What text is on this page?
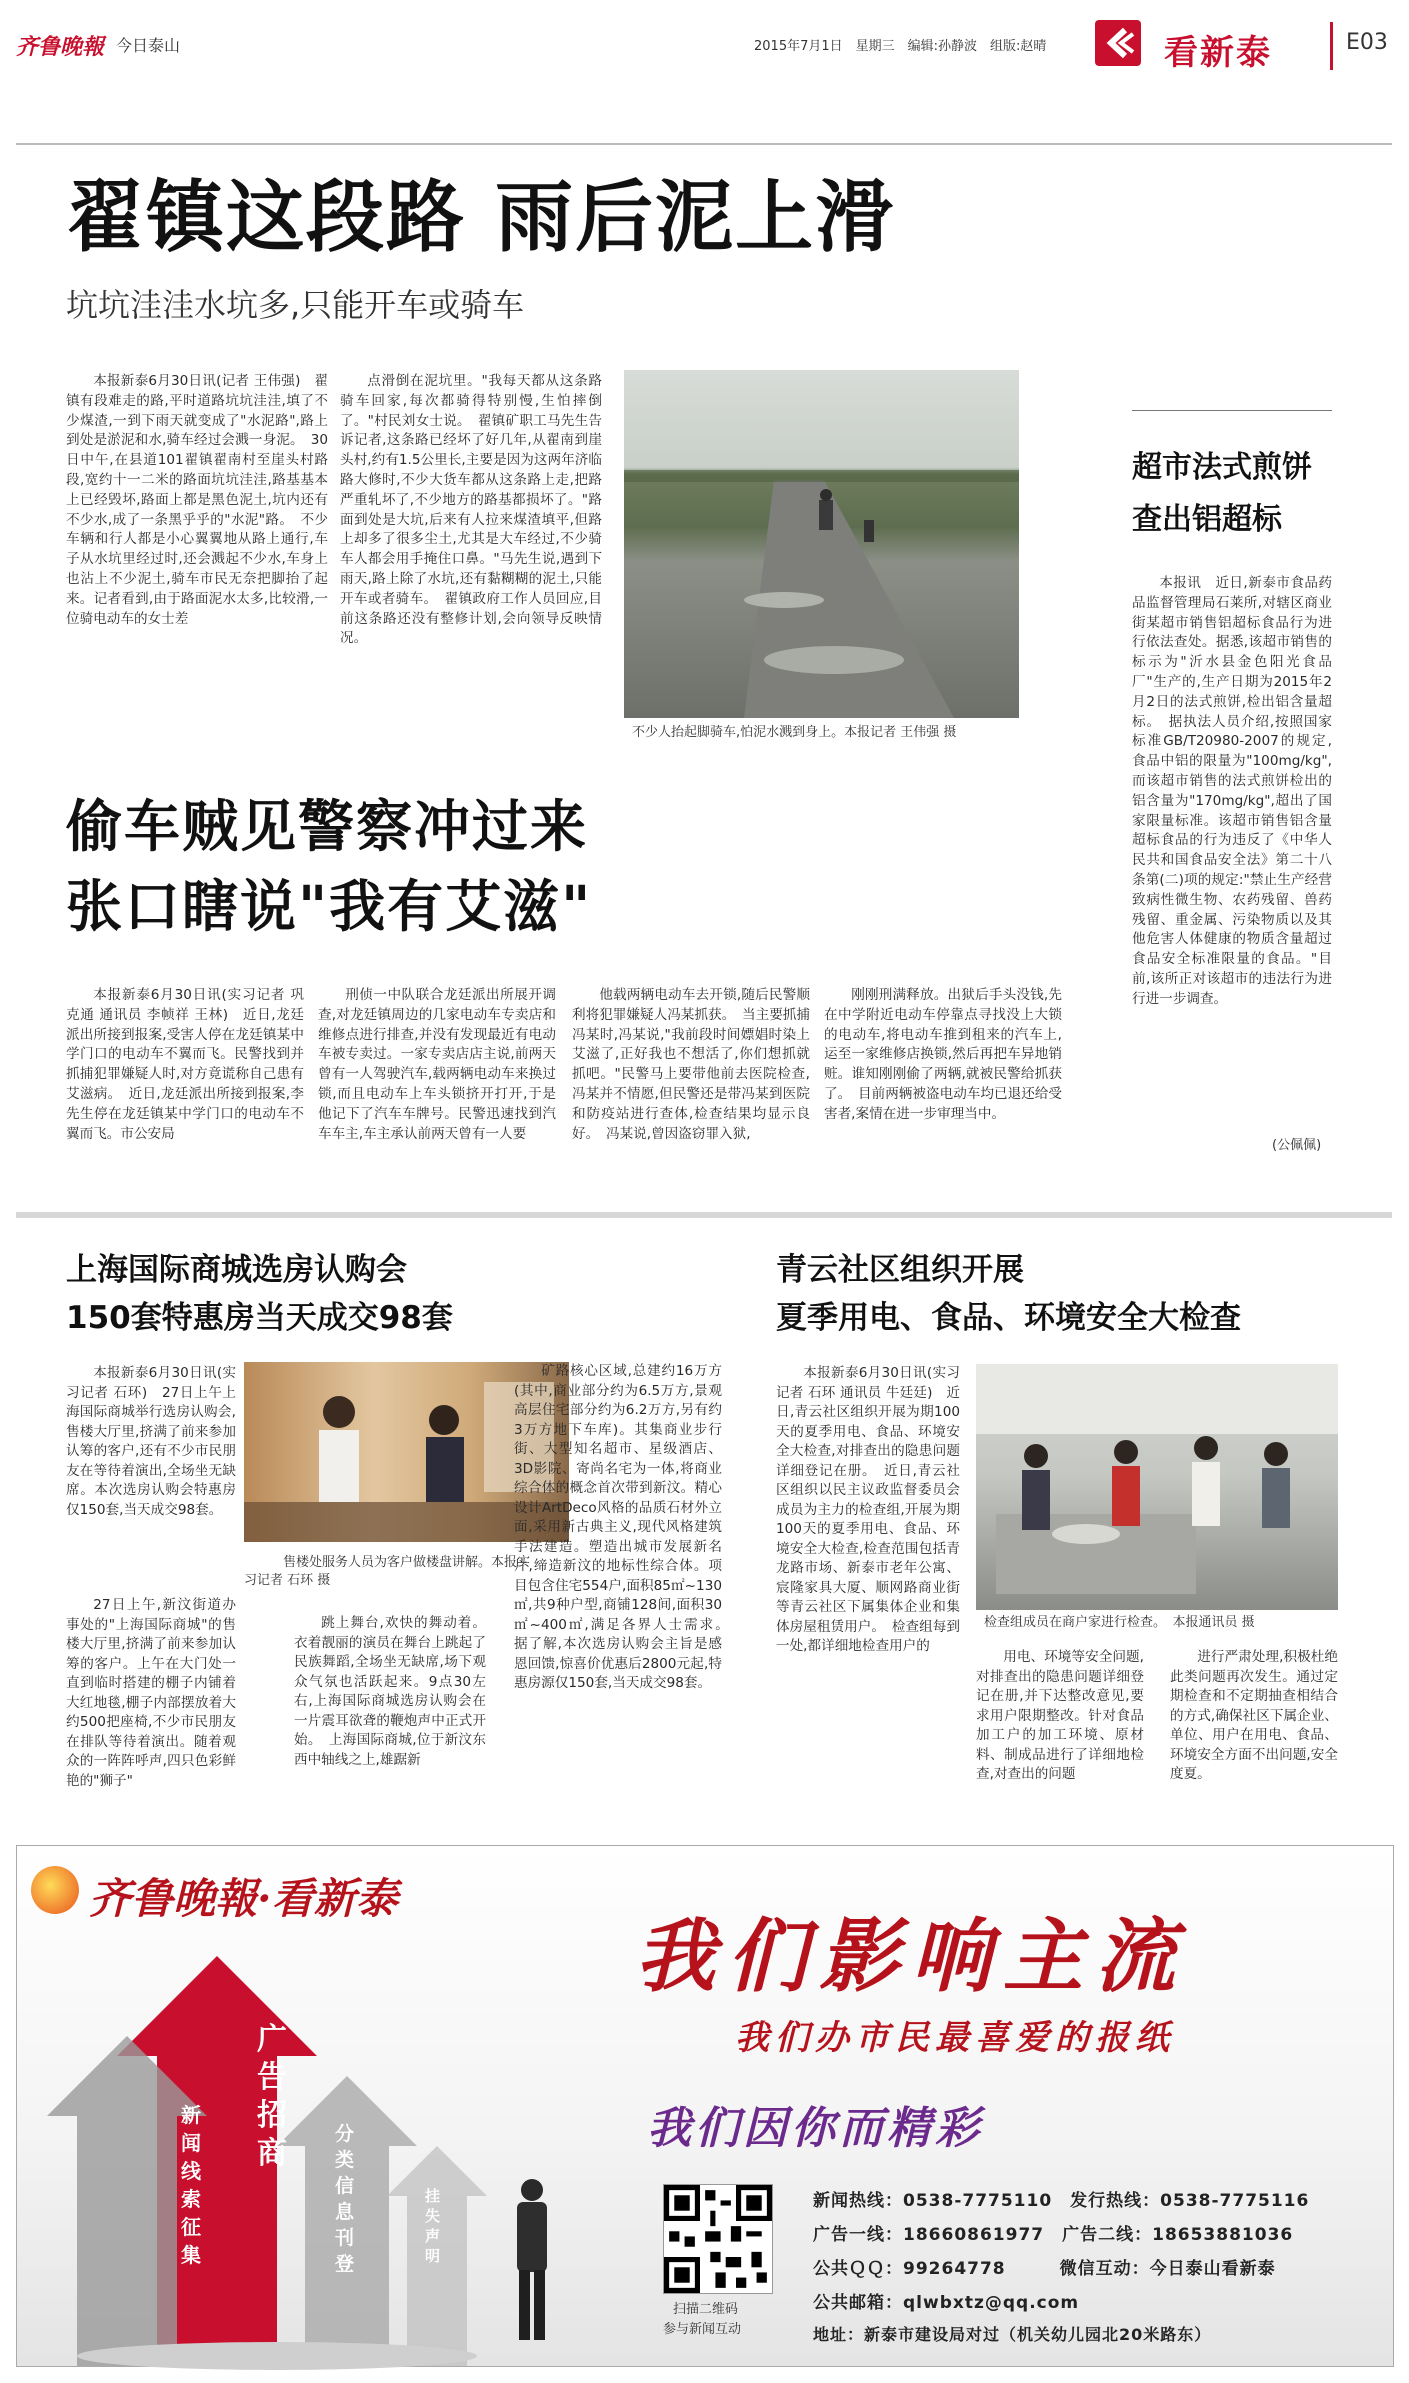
齐鲁晚報 今日泰山	2015年7月1日　星期三　编辑:孙静波　组版:赵晴	看新泰	E03
翟镇这段路 雨后泥上滑
坑坑洼洼水坑多,只能开车或骑车

本报新泰6月30日讯(记者 王伟强)　翟镇有段难走的路,平时道路坑坑洼洼,填了不少煤渣,一到下雨天就变成了"水泥路",路上到处是淤泥和水,骑车经过会溅一身泥。　30日中午,在县道101翟镇翟南村至崖头村路段,宽约十一二米的路面坑坑洼洼,路基基本上已经毁坏,路面上都是黑色泥土,坑内还有不少水,成了一条黑乎乎的"水泥"路。　不少车辆和行人都是小心翼翼地从路上通行,车子从水坑里经过时,还会溅起不少水,车身上也沾上不少泥土,骑车市民无奈把脚抬了起来。记者看到,由于路面泥水太多,比较滑,一位骑电动车的女士差

点滑倒在泥坑里。"我每天都从这条路骑车回家,每次都骑得特别慢,生怕摔倒了。"村民刘女士说。　翟镇矿职工马先生告诉记者,这条路已经坏了好几年,从翟南到崖头村,约有1.5公里长,主要是因为这两年济临路大修时,不少大货车都从这条路上走,把路严重轧坏了,不少地方的路基都损坏了。"路面到处是大坑,后来有人拉来煤渣填平,但路上却多了很多尘土,尤其是大车经过,不少骑车人都会用手掩住口鼻。"马先生说,遇到下雨天,路上除了水坑,还有黏糊糊的泥土,只能开车或者骑车。　翟镇政府工作人员回应,目前这条路还没有整修计划,会向领导反映情况。

不少人抬起脚骑车,怕泥水溅到身上。本报记者 王伟强 摄
超市法式煎饼
查出铝超标

本报讯　近日,新泰市食品药品监督管理局石莱所,对辖区商业街某超市销售铝超标食品行为进行依法查处。据悉,该超市销售的标示为"沂水县金色阳光食品厂"生产的,生产日期为2015年2月2日的法式煎饼,检出铝含量超标。　据执法人员介绍,按照国家标准GB/T20980-2007的规定,食品中铝的限量为"100mg/kg",而该超市销售的法式煎饼检出的铝含量为"170mg/kg",超出了国家限量标准。该超市销售铝含量超标食品的行为违反了《中华人民共和国食品安全法》第二十八条第(二)项的规定:"禁止生产经营致病性微生物、农药残留、兽药残留、重金属、污染物质以及其他危害人体健康的物质含量超过食品安全标准限量的食品。"目前,该所正对该超市的违法行为进行进一步调查。

(公佩佩)
偷车贼见警察冲过来
张口瞎说"我有艾滋"

本报新泰6月30日讯(实习记者 巩克通 通讯员 李帧祥 王林)　近日,龙廷派出所接到报案,受害人停在龙廷镇某中学门口的电动车不翼而飞。民警找到并抓捕犯罪嫌疑人时,对方竟谎称自己患有艾滋病。　近日,龙廷派出所接到报案,李先生停在龙廷镇某中学门口的电动车不翼而飞。市公安局

刑侦一中队联合龙廷派出所展开调查,对龙廷镇周边的几家电动车专卖店和维修点进行排查,并没有发现最近有电动车被专卖过。一家专卖店店主说,前两天曾有一人驾驶汽车,载两辆电动车来换过锁,而且电动车上车头锁挤开打开,于是他记下了汽车车牌号。民警迅速找到汽车车主,车主承认前两天曾有一人要

他载两辆电动车去开锁,随后民警顺利将犯罪嫌疑人冯某抓获。　当主要抓捕冯某时,冯某说,"我前段时间嫖娼时染上艾滋了,正好我也不想活了,你们想抓就抓吧。"民警马上要带他前去医院检查,冯某并不情愿,但民警还是带冯某到医院和防疫站进行查体,检查结果均显示良好。　冯某说,曾因盗窃罪入狱,

刚刚刑满释放。出狱后手头没钱,先在中学附近电动车停靠点寻找没上大锁的电动车,将电动车推到租来的汽车上,运至一家维修店换锁,然后再把车异地销赃。谁知刚刚偷了两辆,就被民警给抓获了。　目前两辆被盗电动车均已退还给受害者,案情在进一步审理当中。

上海国际商城选房认购会
150套特惠房当天成交98套

本报新泰6月30日讯(实习记者 石环)　27日上午上海国际商城举行选房认购会,售楼大厅里,挤满了前来参加认筹的客户,还有不少市民朋友在等待着演出,全场坐无缺席。本次选房认购会特惠房仅150套,当天成交98套。

售楼处服务人员为客户做楼盘讲解。本报实习记者 石环 摄

27日上午,新汶街道办事处的"上海国际商城"的售楼大厅里,挤满了前来参加认筹的客户。上午在大门处一直到临时搭建的棚子内铺着大红地毯,棚子内部摆放着大约500把座椅,不少市民朋友在排队等待着演出。随着观众的一阵阵呼声,四只色彩鲜艳的"狮子"

跳上舞台,欢快的舞动着。衣着靓丽的演员在舞台上跳起了民族舞蹈,全场坐无缺席,场下观众气氛也活跃起来。9点30左右,上海国际商城选房认购会在一片震耳欲聋的鞭炮声中正式开始。　上海国际商城,位于新汶东西中轴线之上,雄踞新

矿路核心区域,总建约16万方(其中,商业部分约为6.5万方,景观高层住宅部分约为6.2万方,另有约3万方地下车库)。其集商业步行街、大型知名超市、星级酒店、3D影院、寄尚名宅为一体,将商业综合体的概念首次带到新汶。精心设计ArtDeco风格的品质石材外立面,采用新古典主义,现代风格建筑手法建造。塑造出城市发展新名片,缔造新汶的地标性综合体。项目包含住宅554户,面积85㎡~130㎡,共9种户型,商铺128间,面积30㎡~400㎡,满足各界人士需求。　据了解,本次选房认购会主旨是感恩回馈,惊喜价优惠后2800元起,特惠房源仅150套,当天成交98套。

青云社区组织开展
夏季用电、食品、环境安全大检查

本报新泰6月30日讯(实习记者 石环 通讯员 牛廷廷)　近日,青云社区组织开展为期100天的夏季用电、食品、环境安全大检查,对排查出的隐患问题详细登记在册。　近日,青云社区组织以民主议政监督委员会成员为主力的检查组,开展为期100天的夏季用电、食品、环境安全大检查,检查范围包括青龙路市场、新泰市老年公寓、宸隆家具大厦、顺网路商业街等青云社区下属集体企业和集体房屋租赁用户。　检查组每到一处,都详细地检查用户的

检查组成员在商户家进行检查。　本报通讯员 摄

用电、环境等安全问题,对排查出的隐患问题详细登记在册,并下达整改意见,要求用户限期整改。针对食品加工户的加工环境、原材料、制成品进行了详细地检查,对查出的问题

进行严肃处理,积极杜绝此类问题再次发生。通过定期检查和不定期抽查相结合的方式,确保社区下属企业、单位、用户在用电、食品、环境安全方面不出问题,安全度夏。

齐鲁晚報·看新泰
广告招商
新闻线索征集
分类信息刊登
挂失声明
我们影响主流
我们办市民最喜爱的报纸
我们因你而精彩
扫描二维码
参与新闻互动
新闻热线：0538-7775110　发行热线：0538-7775116
广告一线：18660861977　广告二线：18653881036
公共ＱＱ：99264778　　　微信互动：今日泰山看新泰
公共邮箱：qlwbxtz@qq.com
地址：新泰市建设局对过（机关幼儿园北20米路东）
